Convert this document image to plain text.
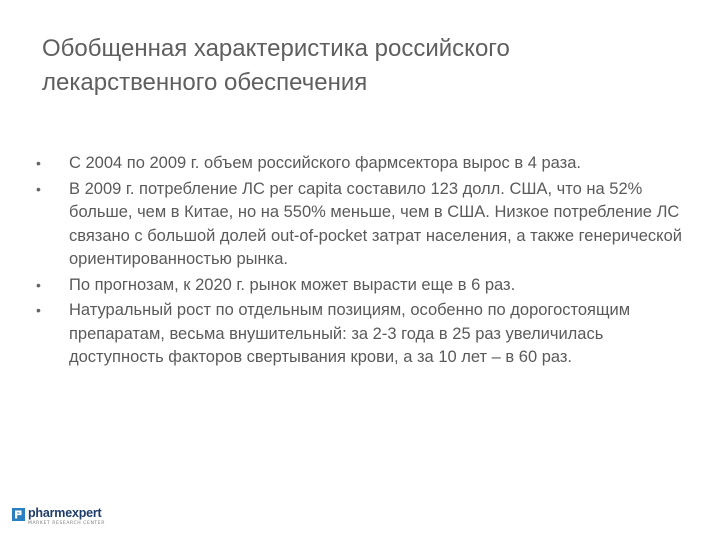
Обобщенная характеристика российского лекарственного обеспечения
•	С 2004 по 2009 г. объем российского фармсектора вырос в 4 раза.
•	В 2009 г. потребление ЛС per capita составило 123 долл. США, что на 52% больше, чем в Китае, но на 550% меньше, чем в США. Низкое потребление ЛС связано с большой долей out-of-pocket затрат населения, а также генерической ориентированностью рынка.
•	По прогнозам, к 2020 г. рынок может вырасти еще в 6 раз.
•	Натуральный рост по отдельным позициям, особенно по дорогостоящим препаратам, весьма внушительный: за 2-3 года в 25 раз увеличилась доступность факторов свертывания крови, а за 10 лет – в 60 раз.
pharmexpert
MARKET RESEARCH CENTER
